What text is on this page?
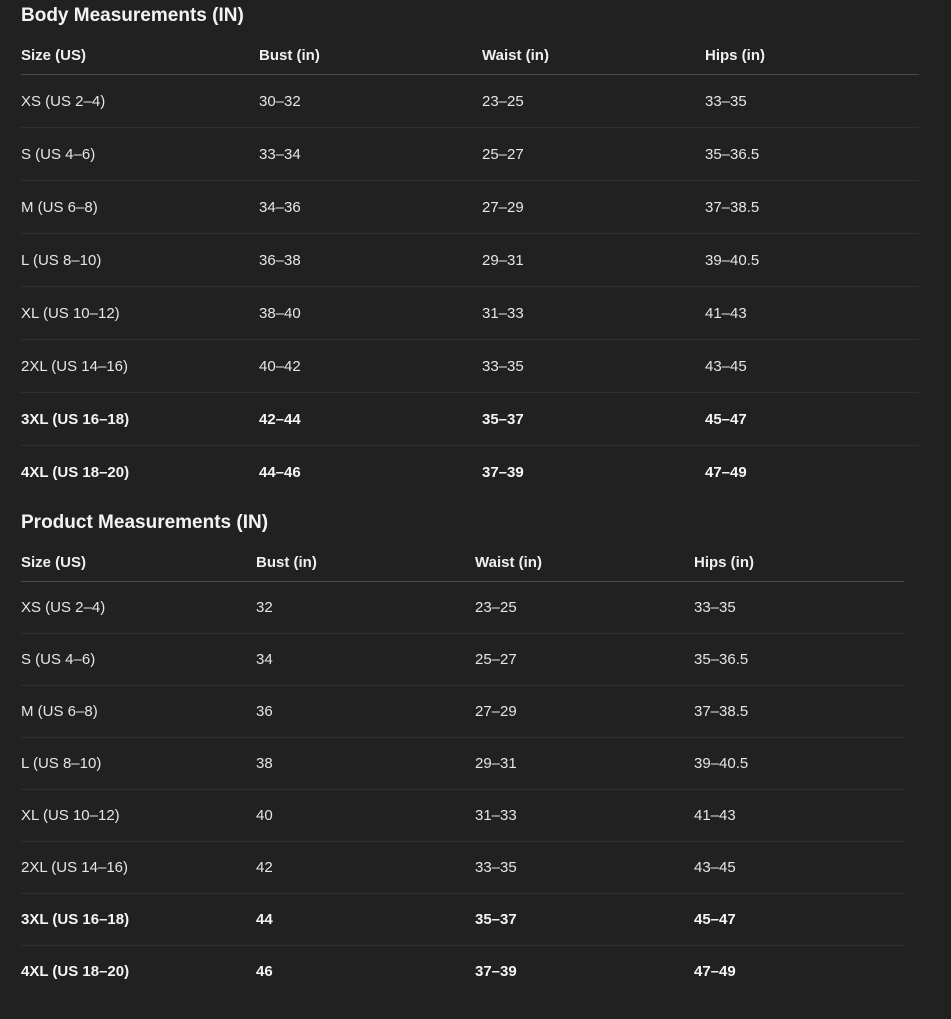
Body Measurements (IN)
Size (US)	Bust (in)	Waist (in)	Hips (in)
XS (US 2–4)	30–32	23–25	33–35
S (US 4–6)	33–34	25–27	35–36.5
M (US 6–8)	34–36	27–29	37–38.5
L (US 8–10)	36–38	29–31	39–40.5
XL (US 10–12)	38–40	31–33	41–43
2XL (US 14–16)	40–42	33–35	43–45
3XL (US 16–18)	42–44	35–37	45–47
4XL (US 18–20)	44–46	37–39	47–49
Product Measurements (IN)
Size (US)	Bust (in)	Waist (in)	Hips (in)
XS (US 2–4)	32	23–25	33–35
S (US 4–6)	34	25–27	35–36.5
M (US 6–8)	36	27–29	37–38.5
L (US 8–10)	38	29–31	39–40.5
XL (US 10–12)	40	31–33	41–43
2XL (US 14–16)	42	33–35	43–45
3XL (US 16–18)	44	35–37	45–47
4XL (US 18–20)	46	37–39	47–49
